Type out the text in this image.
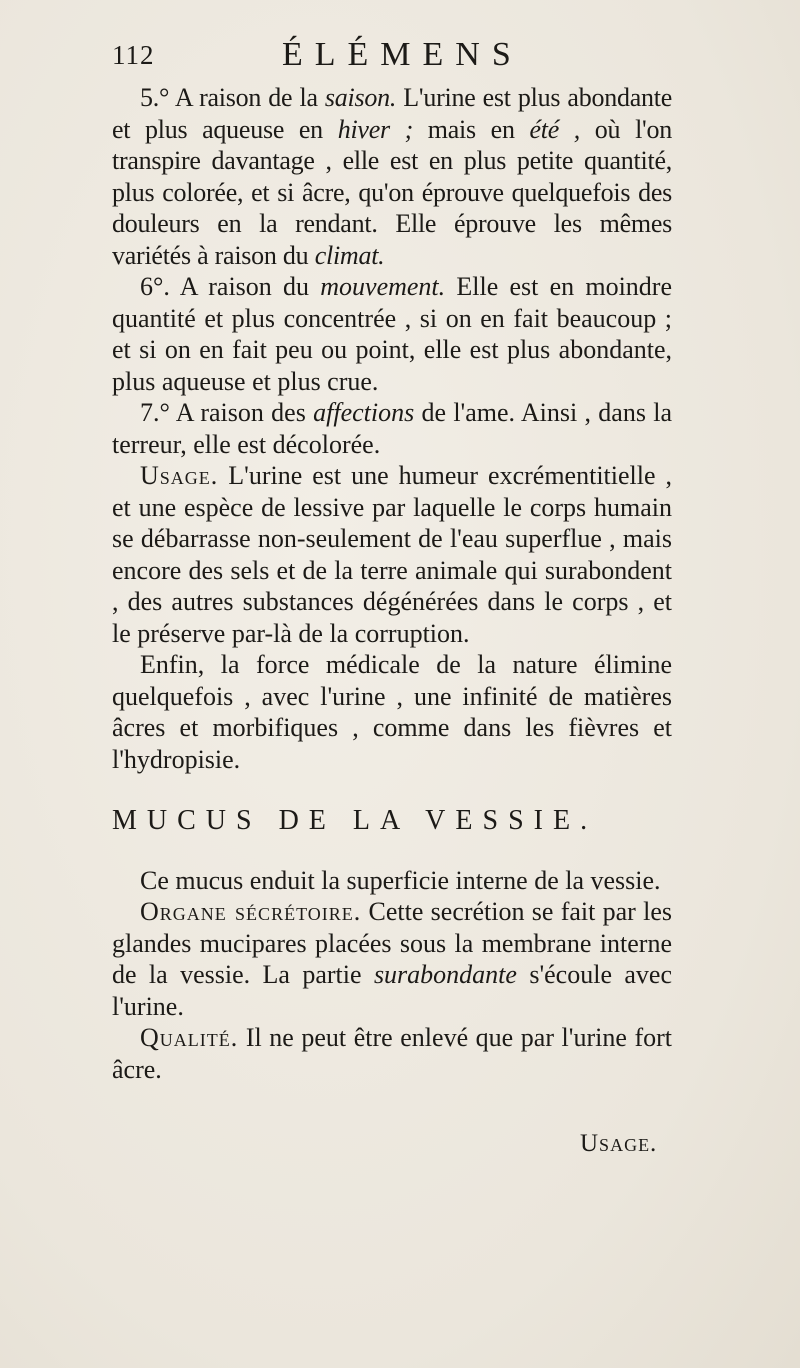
112	ÉLÉMENS

5.° A raison de la saison. L'urine est plus abondante et plus aqueuse en hiver ; mais en été , où l'on transpire davantage , elle est en plus petite quantité, plus colorée, et si âcre, qu'on éprouve quelquefois des douleurs en la rendant. Elle éprouve les mêmes variétés à raison du climat.

6°. A raison du mouvement. Elle est en moindre quantité et plus concentrée , si on en fait beaucoup ; et si on en fait peu ou point, elle est plus abondante, plus aqueuse et plus crue.

7.° A raison des affections de l'ame. Ainsi , dans la terreur, elle est décolorée.

Usage. L'urine est une humeur excrémentitielle , et une espèce de lessive par laquelle le corps humain se débarrasse non-seulement de l'eau superflue , mais encore des sels et de la terre animale qui surabondent , des autres substances dégénérées dans le corps , et le préserve par-là de la corruption.

Enfin, la force médicale de la nature élimine quelquefois , avec l'urine , une infinité de matières âcres et morbifiques , comme dans les fièvres et l'hydropisie.

MUCUS DE LA VESSIE.

Ce mucus enduit la superficie interne de la vessie.

Organe sécrétoire. Cette secrétion se fait par les glandes mucipares placées sous la membrane interne de la vessie. La partie surabondante s'écoule avec l'urine.

Qualité. Il ne peut être enlevé que par l'urine fort âcre.

Usage.
